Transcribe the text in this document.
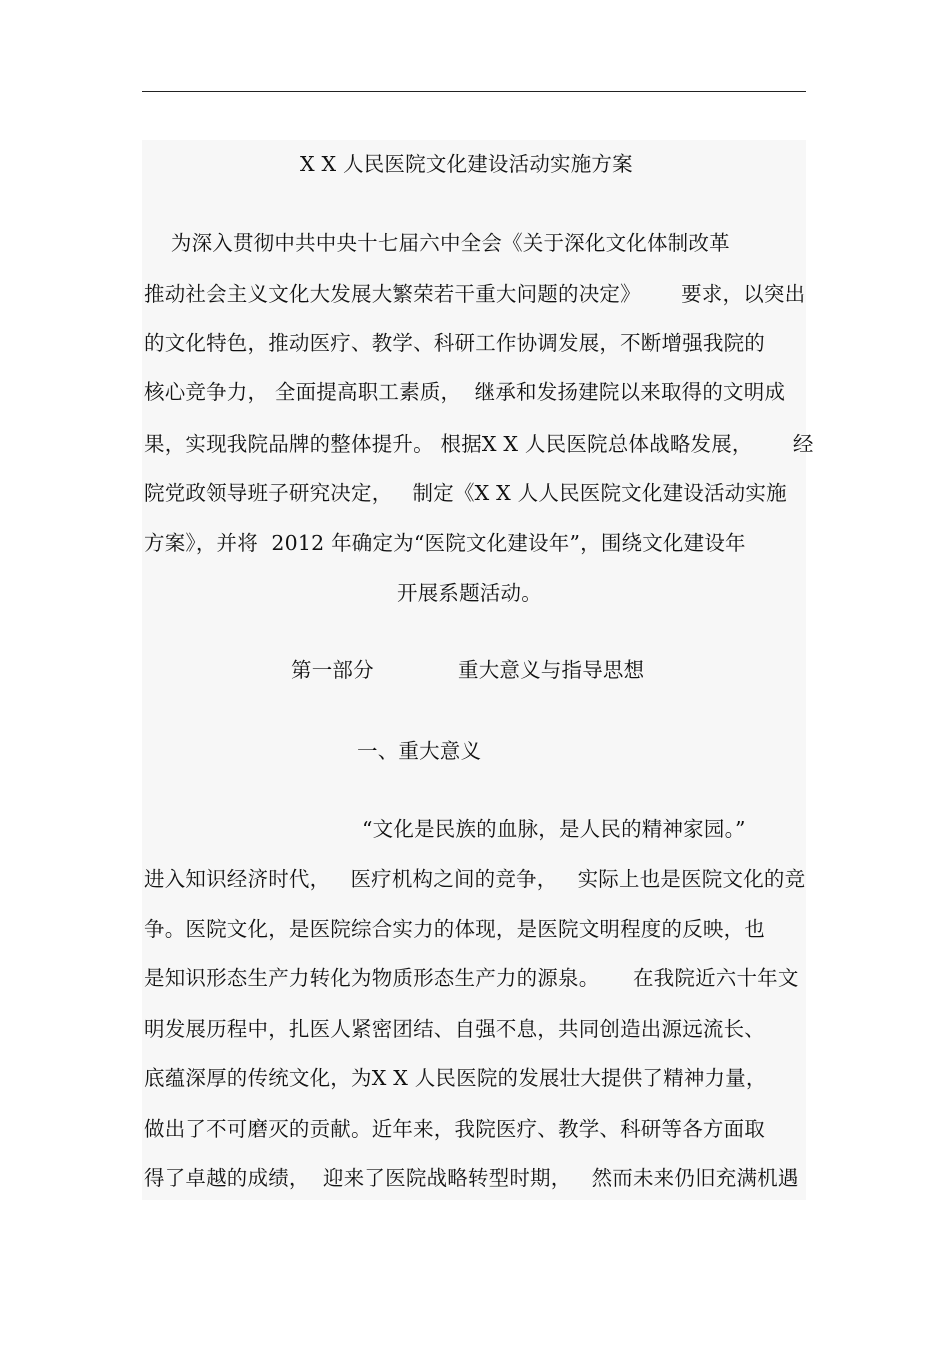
X X 人民医院文化建设活动实施方案
为深入贯彻中共中央十七届六中全会《关于深化文化体制改革
推动社会主义文化大发展大繁荣若干重大问题的决定》      要求，以突出
的文化特色，推动医疗、教学、科研工作协调发展，不断增强我院的
核心竞争力， 全面提高职工素质，  继承和发扬建院以来取得的文明成
果，实现我院品牌的整体提升。 根据X X 人民医院总体战略发展，      经
院党政领导班子研究决定，   制定《X X 人人民医院文化建设活动实施
方案》，并将  2012 年确定为“医院文化建设年”，围绕文化建设年
开展系题活动。
第一部分	重大意义与指导思想
一、重大意义
“文化是民族的血脉，是人民的精神家园。”
进入知识经济时代，   医疗机构之间的竞争，   实际上也是医院文化的竞
争。医院文化，是医院综合实力的体现，是医院文明程度的反映，也
是知识形态生产力转化为物质形态生产力的源泉。     在我院近六十年文
明发展历程中，扎医人紧密团结、自强不息，共同创造出源远流长、
底蕴深厚的传统文化，为X X 人民医院的发展壮大提供了精神力量，
做出了不可磨灭的贡献。近年来，我院医疗、教学、科研等各方面取
得了卓越的成绩，  迎来了医院战略转型时期，   然而未来仍旧充满机遇
